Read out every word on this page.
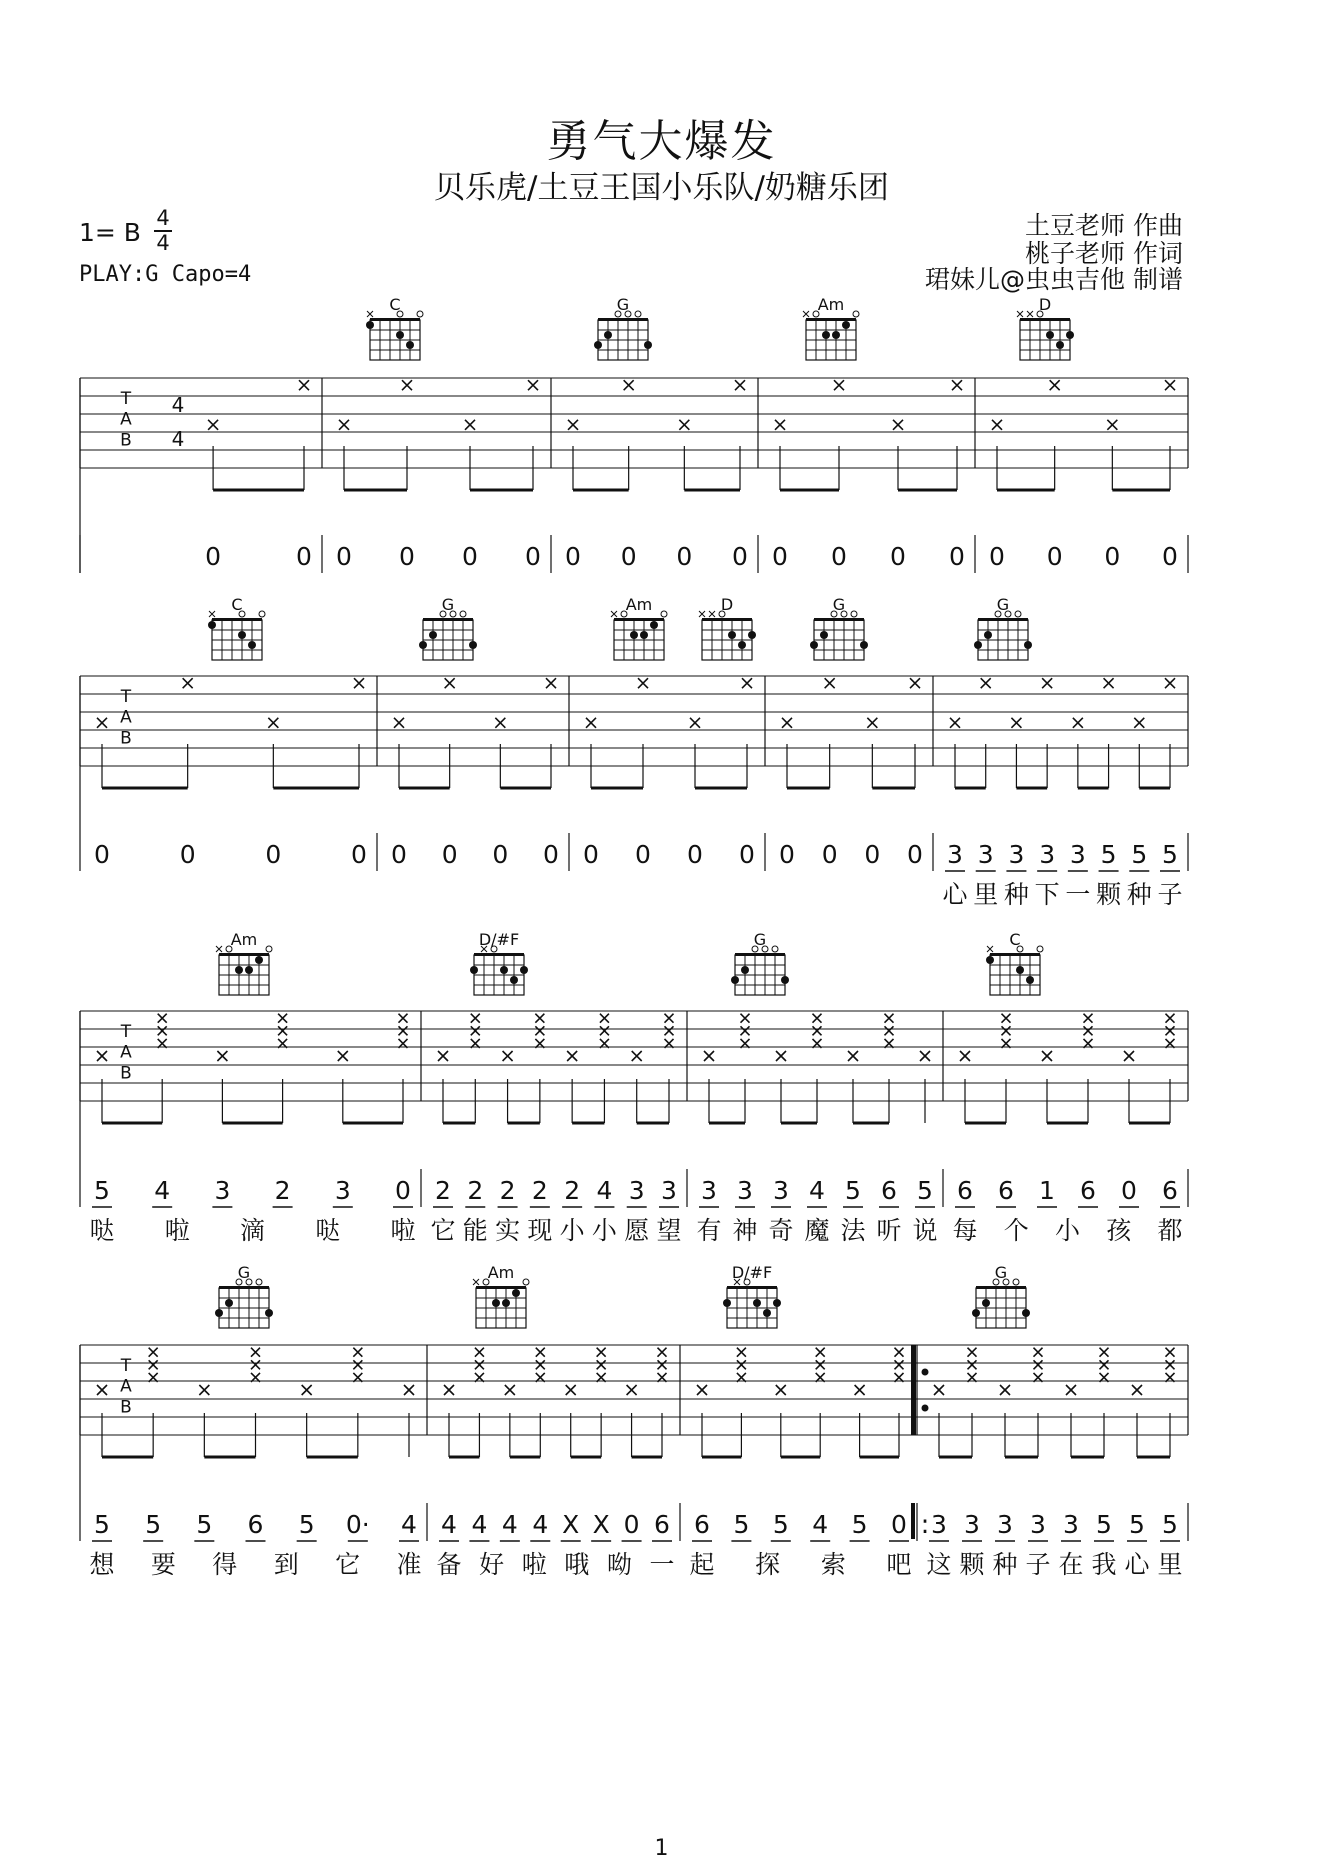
勇气大爆发
贝乐虎/土豆王国小乐队/奶糖乐团
1= B 4
4
PLAY:G Capo=4
土豆老师 作曲
桃子老师 作词
珺妹儿@虫虫吉他 制谱
T
A
B
4
4
0	0 0 0 0 0 0 0 0 0 0 0 0 0 0 0 0 0
C	G	Am	D
T
A
B
0	0	0	0 0 0 0 0 0 0 0 0 0 0 0 0 3 3 3 3 3 5 5 5
心 里 种 下 一 颗 种 子
C	G	Am	D	G	G
T
A
B
5 4 3 2 3 0
哒 啦 滴 哒 啦
2 2 2 2 2 4 3 3
它 能 实 现 小 小 愿 望
3 3 3 4 5 6 5
有 神 奇 魔 法 听 说
6 6 1 6 0 6
每 个 小 孩 都
Am	D/#F	G	C
T
A
B
:
5 5 5 6 5 0· 4
想 要 得 到 它 准
4 4 4 4 X X 0 6
备 好 啦 哦 呦 一
6 5 5 4 5 0
起 探 索 吧
3 3 3 3 3 5 5 5
这 颗 种 子 在 我 心 里
G	Am	D/#F	G
1
